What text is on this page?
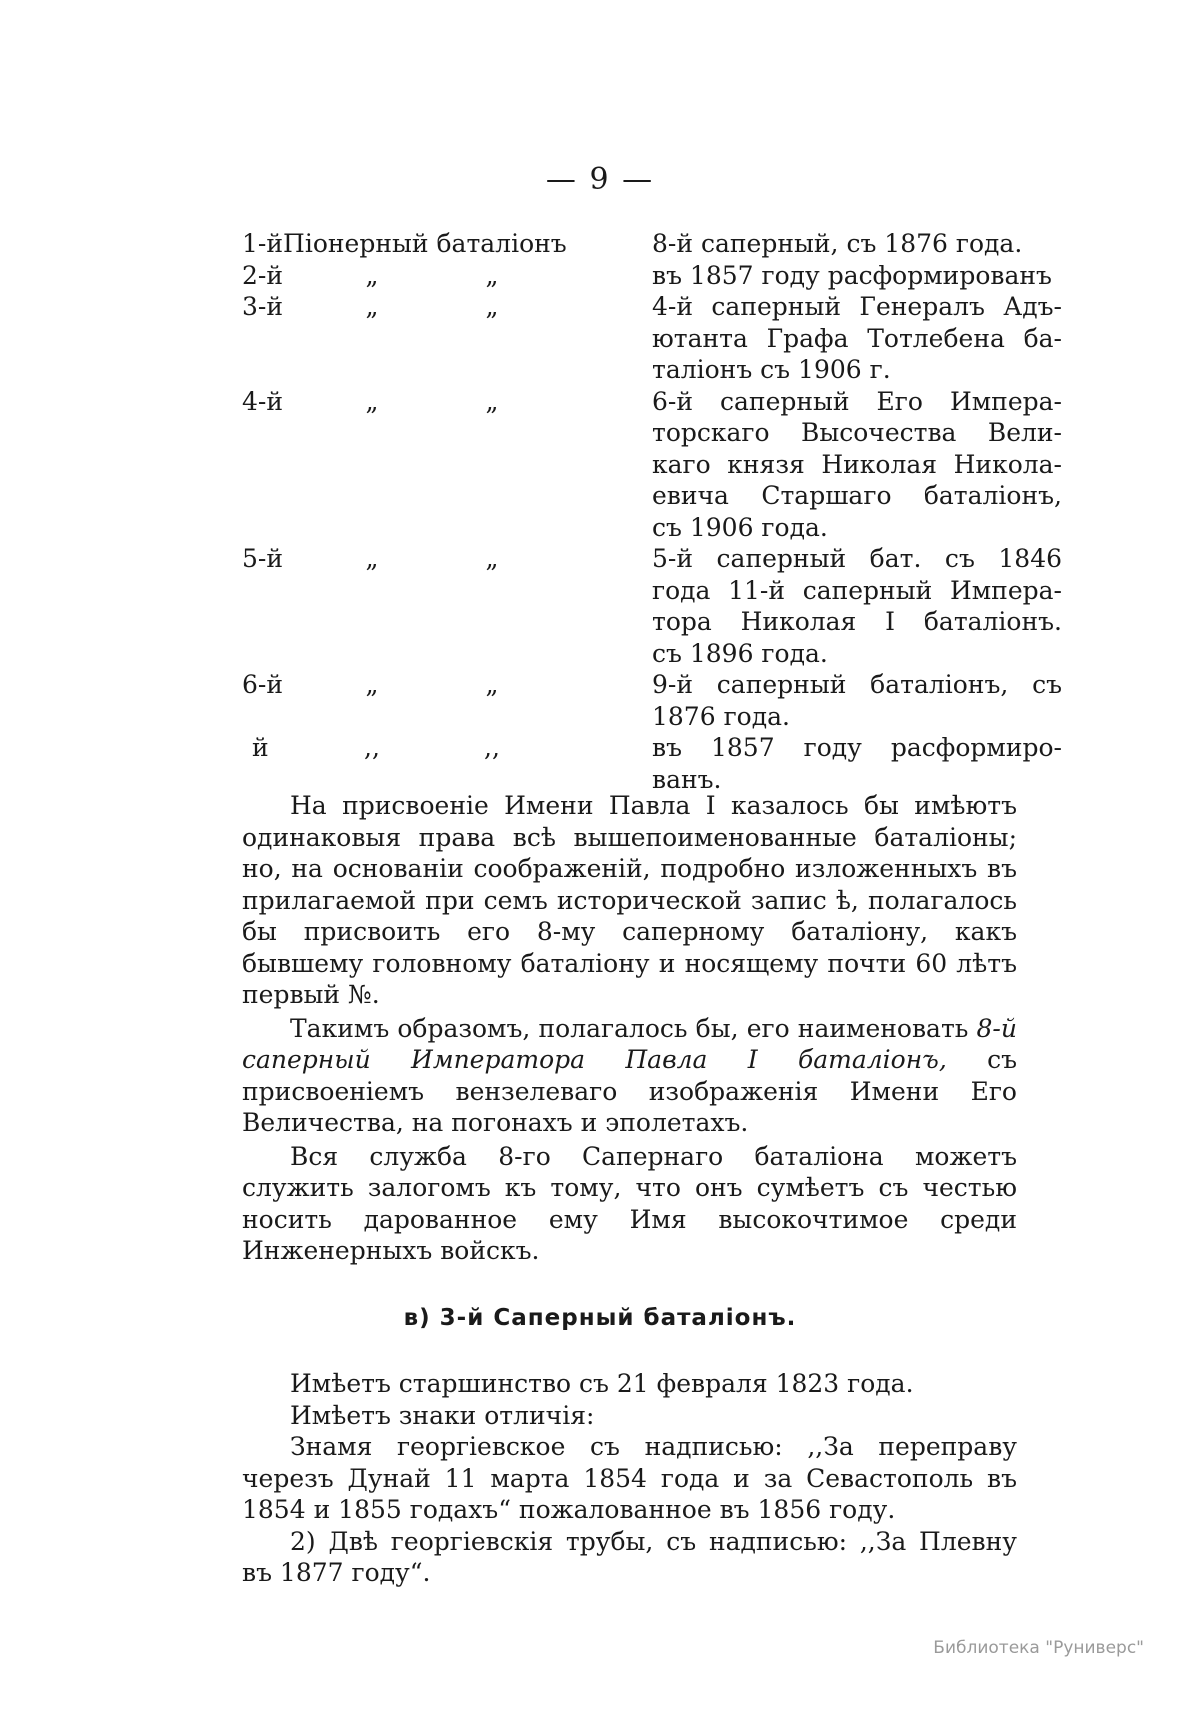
— 9 —
1-йПіонерный баталіонъ	8-й саперный, съ 1876 года.
2-й	„	„	въ 1857 году расформированъ
3-й	„	„	4-й саперный Генералъ Адъ-
ютанта Графа Тотлебена ба-
таліонъ съ 1906 г.
4-й	„	„	6-й саперный Его Импера-
торскаго Высочества Вели-
каго князя Николая Никола-
евича Старшаго баталіонъ,
съ 1906 года.
5-й	„	„	5-й саперный бат. съ 1846
года 11-й саперный Импера-
тора Николая I баталіонъ.
съ 1896 года.
6-й	„	„	9-й саперный баталіонъ, съ
1876 года.
й	,,	,,	въ 1857 году расформиро-
ванъ.

На присвоеніе Имени Павла I казалось бы имѣютъ одинаковыя права всѣ вышепоименованные баталіоны; но, на основаніи соображеній, подробно изложенныхъ въ прилагаемой при семъ исторической запис ѣ, полагалось бы присвоить его 8-му саперному баталіону, какъ бывшему головному баталіону и носящему почти 60 лѣтъ первый №.

Такимъ образомъ, полагалось бы, его наименовать 8-й саперный Императора Павла I баталіонъ, съ присвоеніемъ вензелеваго изображенія Имени Его Величества, на погонахъ и эполетахъ.

Вся служба 8-го Сапернаго баталіона можетъ служить залогомъ къ тому, что онъ сумѣетъ съ честью носить дарованное ему Имя высокочтимое среди Инженерныхъ войскъ.

в) 3-й Саперный баталіонъ.

Имѣетъ старшинство съ 21 февраля 1823 года.

Имѣетъ знаки отличія:

Знамя георгіевское съ надписью: ,,За переправу черезъ Дунай 11 марта 1854 года и за Севастополь въ 1854 и 1855 годахъ“ пожалованное въ 1856 году.

2) Двѣ георгіевскія трубы, съ надписью: ,,За Плевну въ 1877 году“.

Библиотека "Руниверс"
